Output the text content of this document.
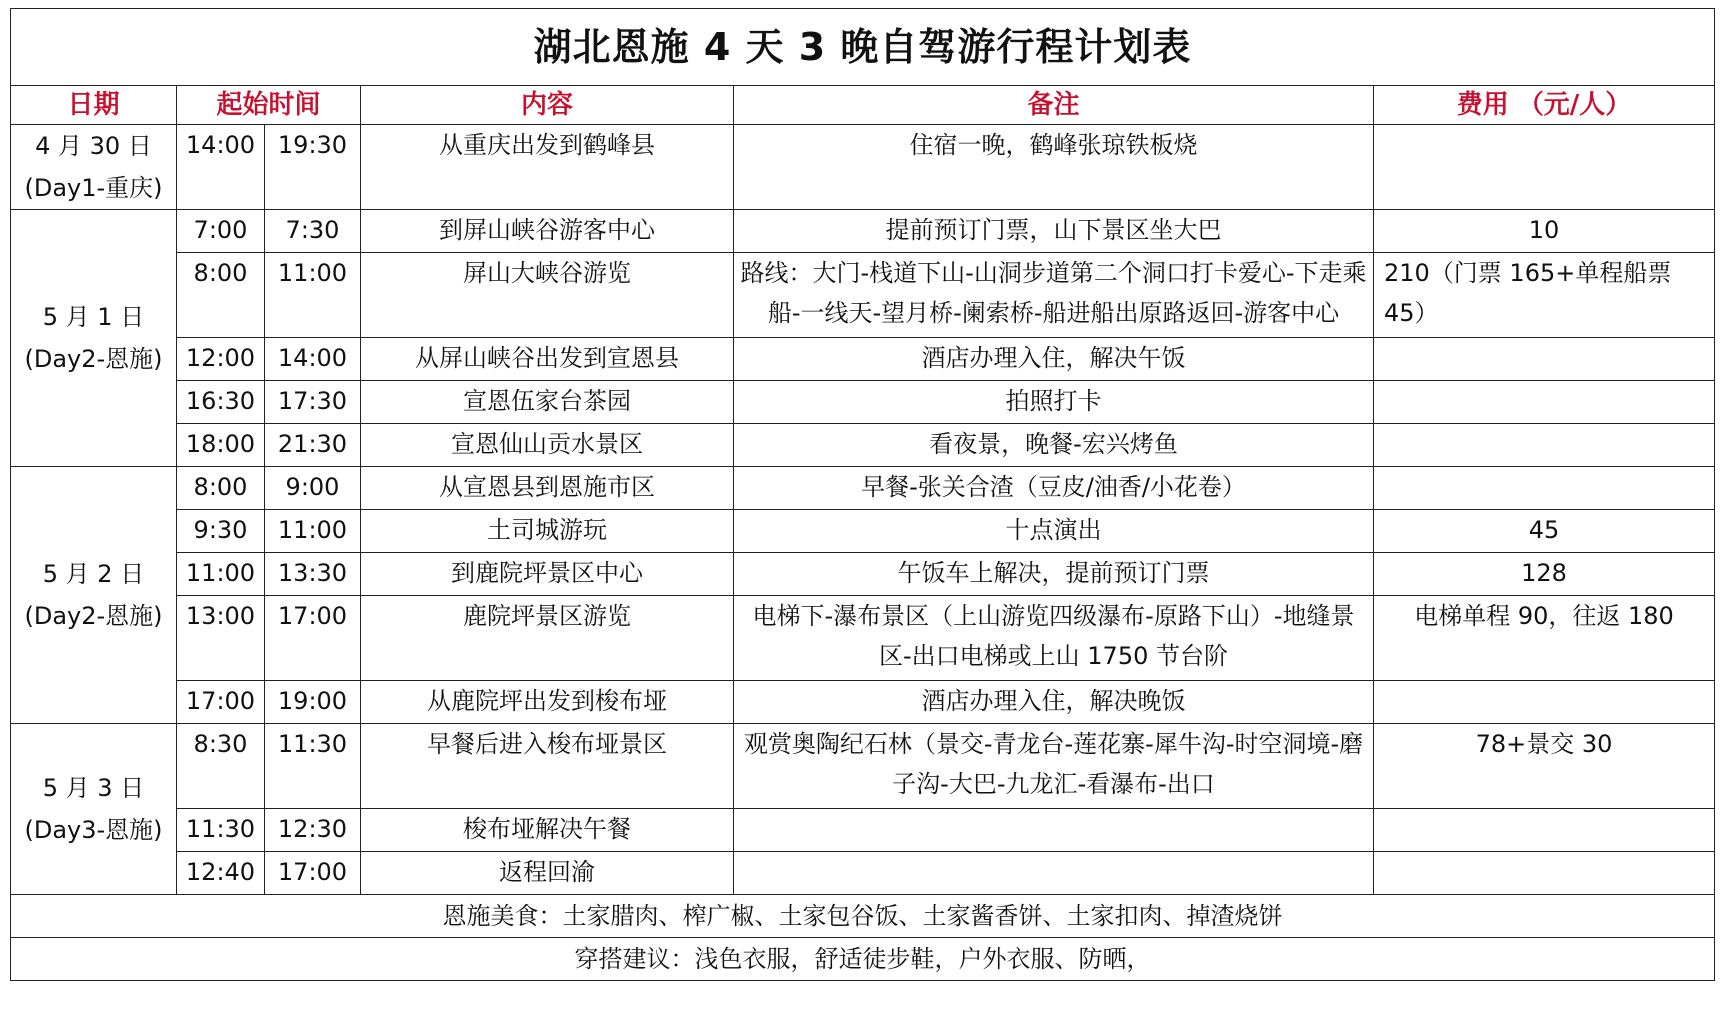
湖北恩施 4 天 3 晚自驾游行程计划表					
日期	起始时间		内容	备注	费用 （元/人）

4 月 30 日
(Day1-重庆)	14:00	19:30	从重庆出发到鹤峰县	住宿一晚，鹤峰张琼铁板烧	

5 月 1 日
(Day2-恩施)	7:00	7:30	到屏山峡谷游客中心	提前预订门票，山下景区坐大巴	10
	8:00	11:00	屏山大峡谷游览	路线：大门-栈道下山-山洞步道第二个洞口打卡爱心-下走乘船-一线天-望月桥-阑索桥-船进船出原路返回-游客中心	210（门票 165+单程船票 45）
	12:00	14:00	从屏山峡谷出发到宣恩县	酒店办理入住，解决午饭	
	16:30	17:30	宣恩伍家台茶园	拍照打卡	
	18:00	21:30	宣恩仙山贡水景区	看夜景，晚餐-宏兴烤鱼	

5 月 2 日
(Day2-恩施)	8:00	9:00	从宣恩县到恩施市区	早餐-张关合渣（豆皮/油香/小花卷）	
	9:30	11:00	土司城游玩	十点演出	45
	11:00	13:30	到鹿院坪景区中心	午饭车上解决，提前预订门票	128
	13:00	17:00	鹿院坪景区游览	电梯下-瀑布景区（上山游览四级瀑布-原路下山）-地缝景区-出口电梯或上山 1750 节台阶	电梯单程 90，往返 180
	17:00	19:00	从鹿院坪出发到梭布垭	酒店办理入住，解决晚饭	

5 月 3 日
(Day3-恩施)	8:30	11:30	早餐后进入梭布垭景区	观赏奥陶纪石林（景交-青龙台-莲花寨-犀牛沟-时空洞境-磨子沟-大巴-九龙汇-看瀑布-出口	78+景交 30
	11:30	12:30	梭布垭解决午餐		
	12:40	17:00	返程回渝		
恩施美食：土家腊肉、榨广椒、土家包谷饭、土家酱香饼、土家扣肉、掉渣烧饼					
穿搭建议：浅色衣服，舒适徒步鞋，户外衣服、防晒，					
